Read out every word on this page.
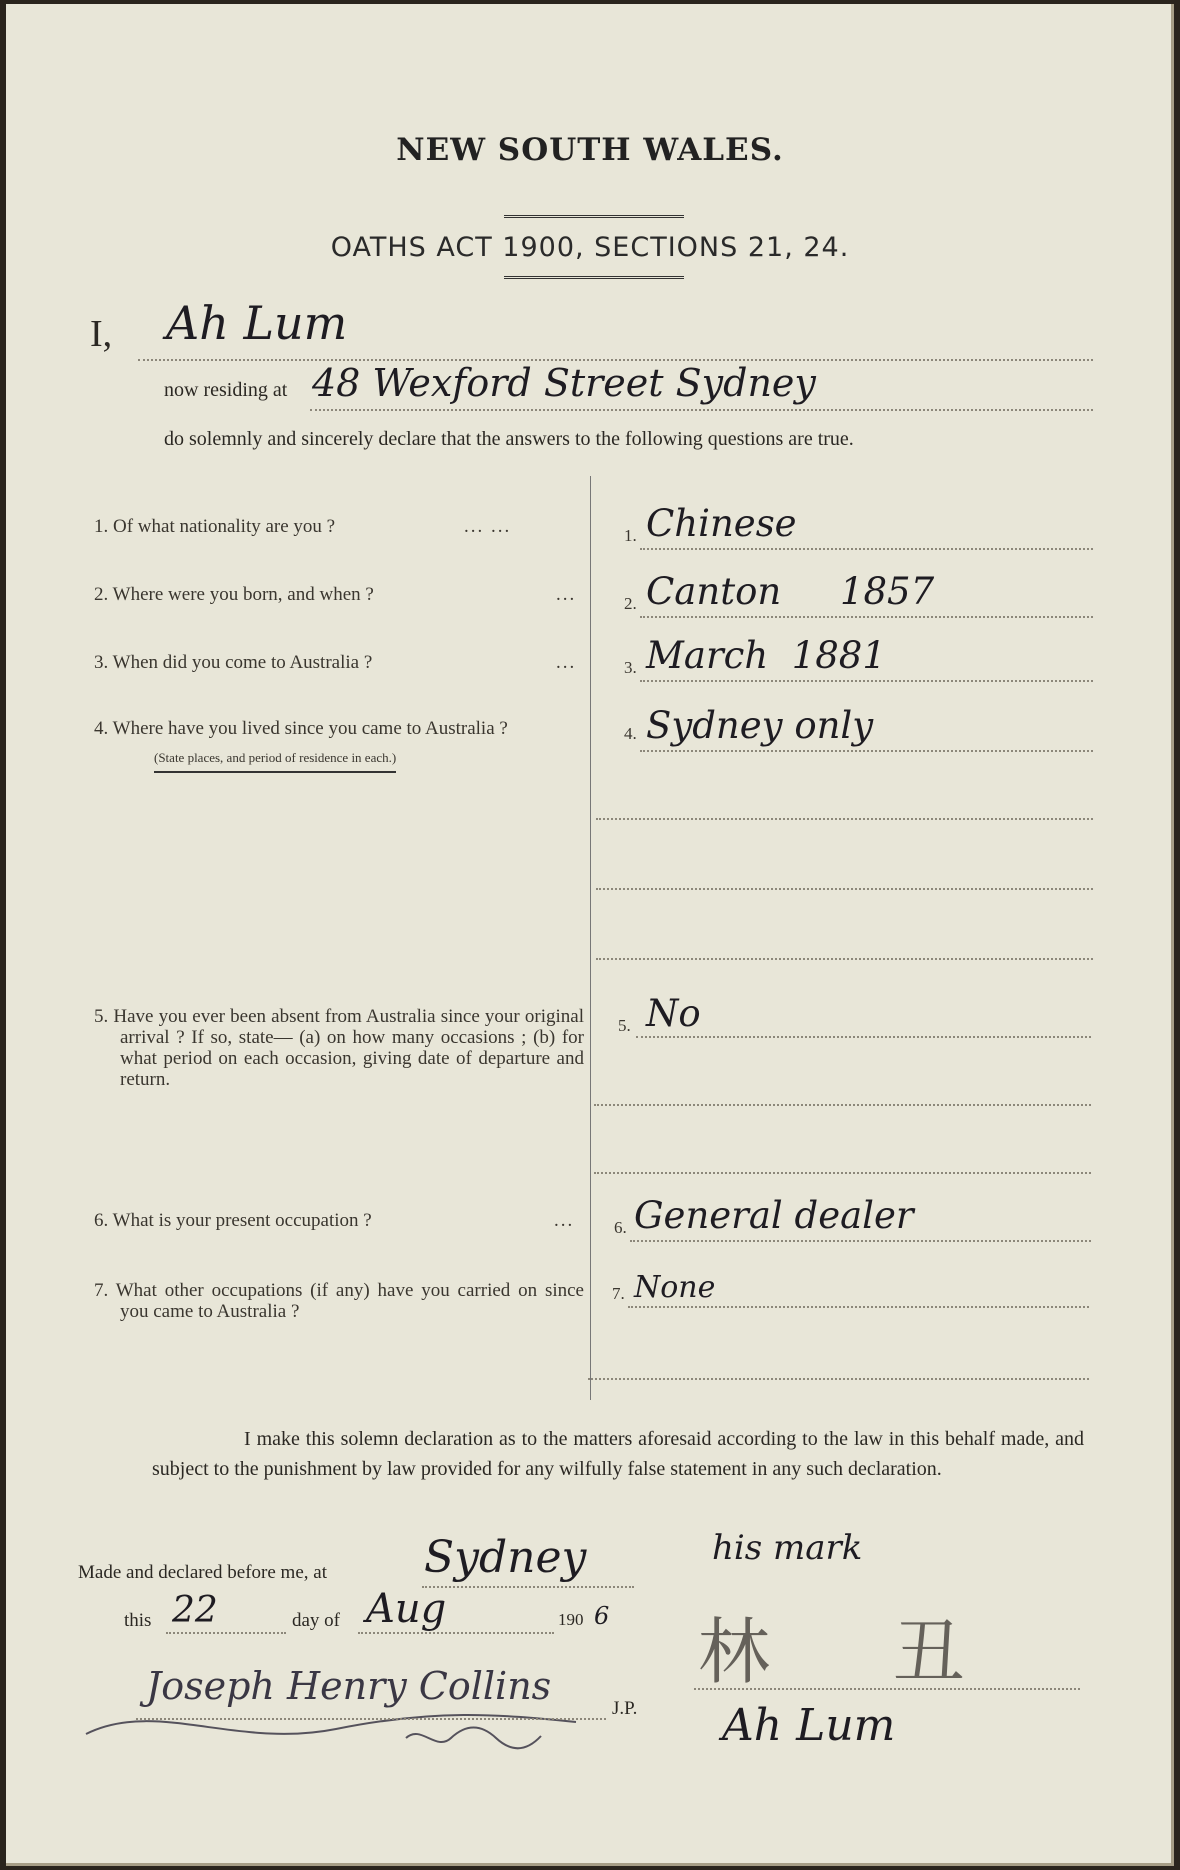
NEW SOUTH WALES.
OATHS ACT 1900, SECTIONS 21, 24.
I, Ah Lum
now residing at 48 Wexford Street Sydney
do solemnly and sincerely declare that the answers to the following questions are true.
1. Of what nationality are you ?	... ...	1. Chinese
2. Where were you born, and when ?	...	2. Canton     1857
3. When did you come to Australia ?	...	3. March  1881
4. Where have you lived since you came to Australia ?
(State places, and period of residence in each.)
4. Sydney only
5. Have you ever been absent from Australia since your original arrival ? If so, state— (a) on how many occasions ; (b) for what period on each occasion, giving date of departure and return.
5. No
6. What is your present occupation ?	... 6. General dealer
7. What other occupations (if any) have you carried on since you came to Australia ?
7. None
I make this solemn declaration as to the matters aforesaid according to the law in this behalf made, and subject to the punishment by law provided for any wilfully false statement in any such declaration.
Made and declared before me, at Sydney
this 22	day of Aug	190 6
Joseph Henry Collins
J.P.
his mark
林 丑
Ah Lum
